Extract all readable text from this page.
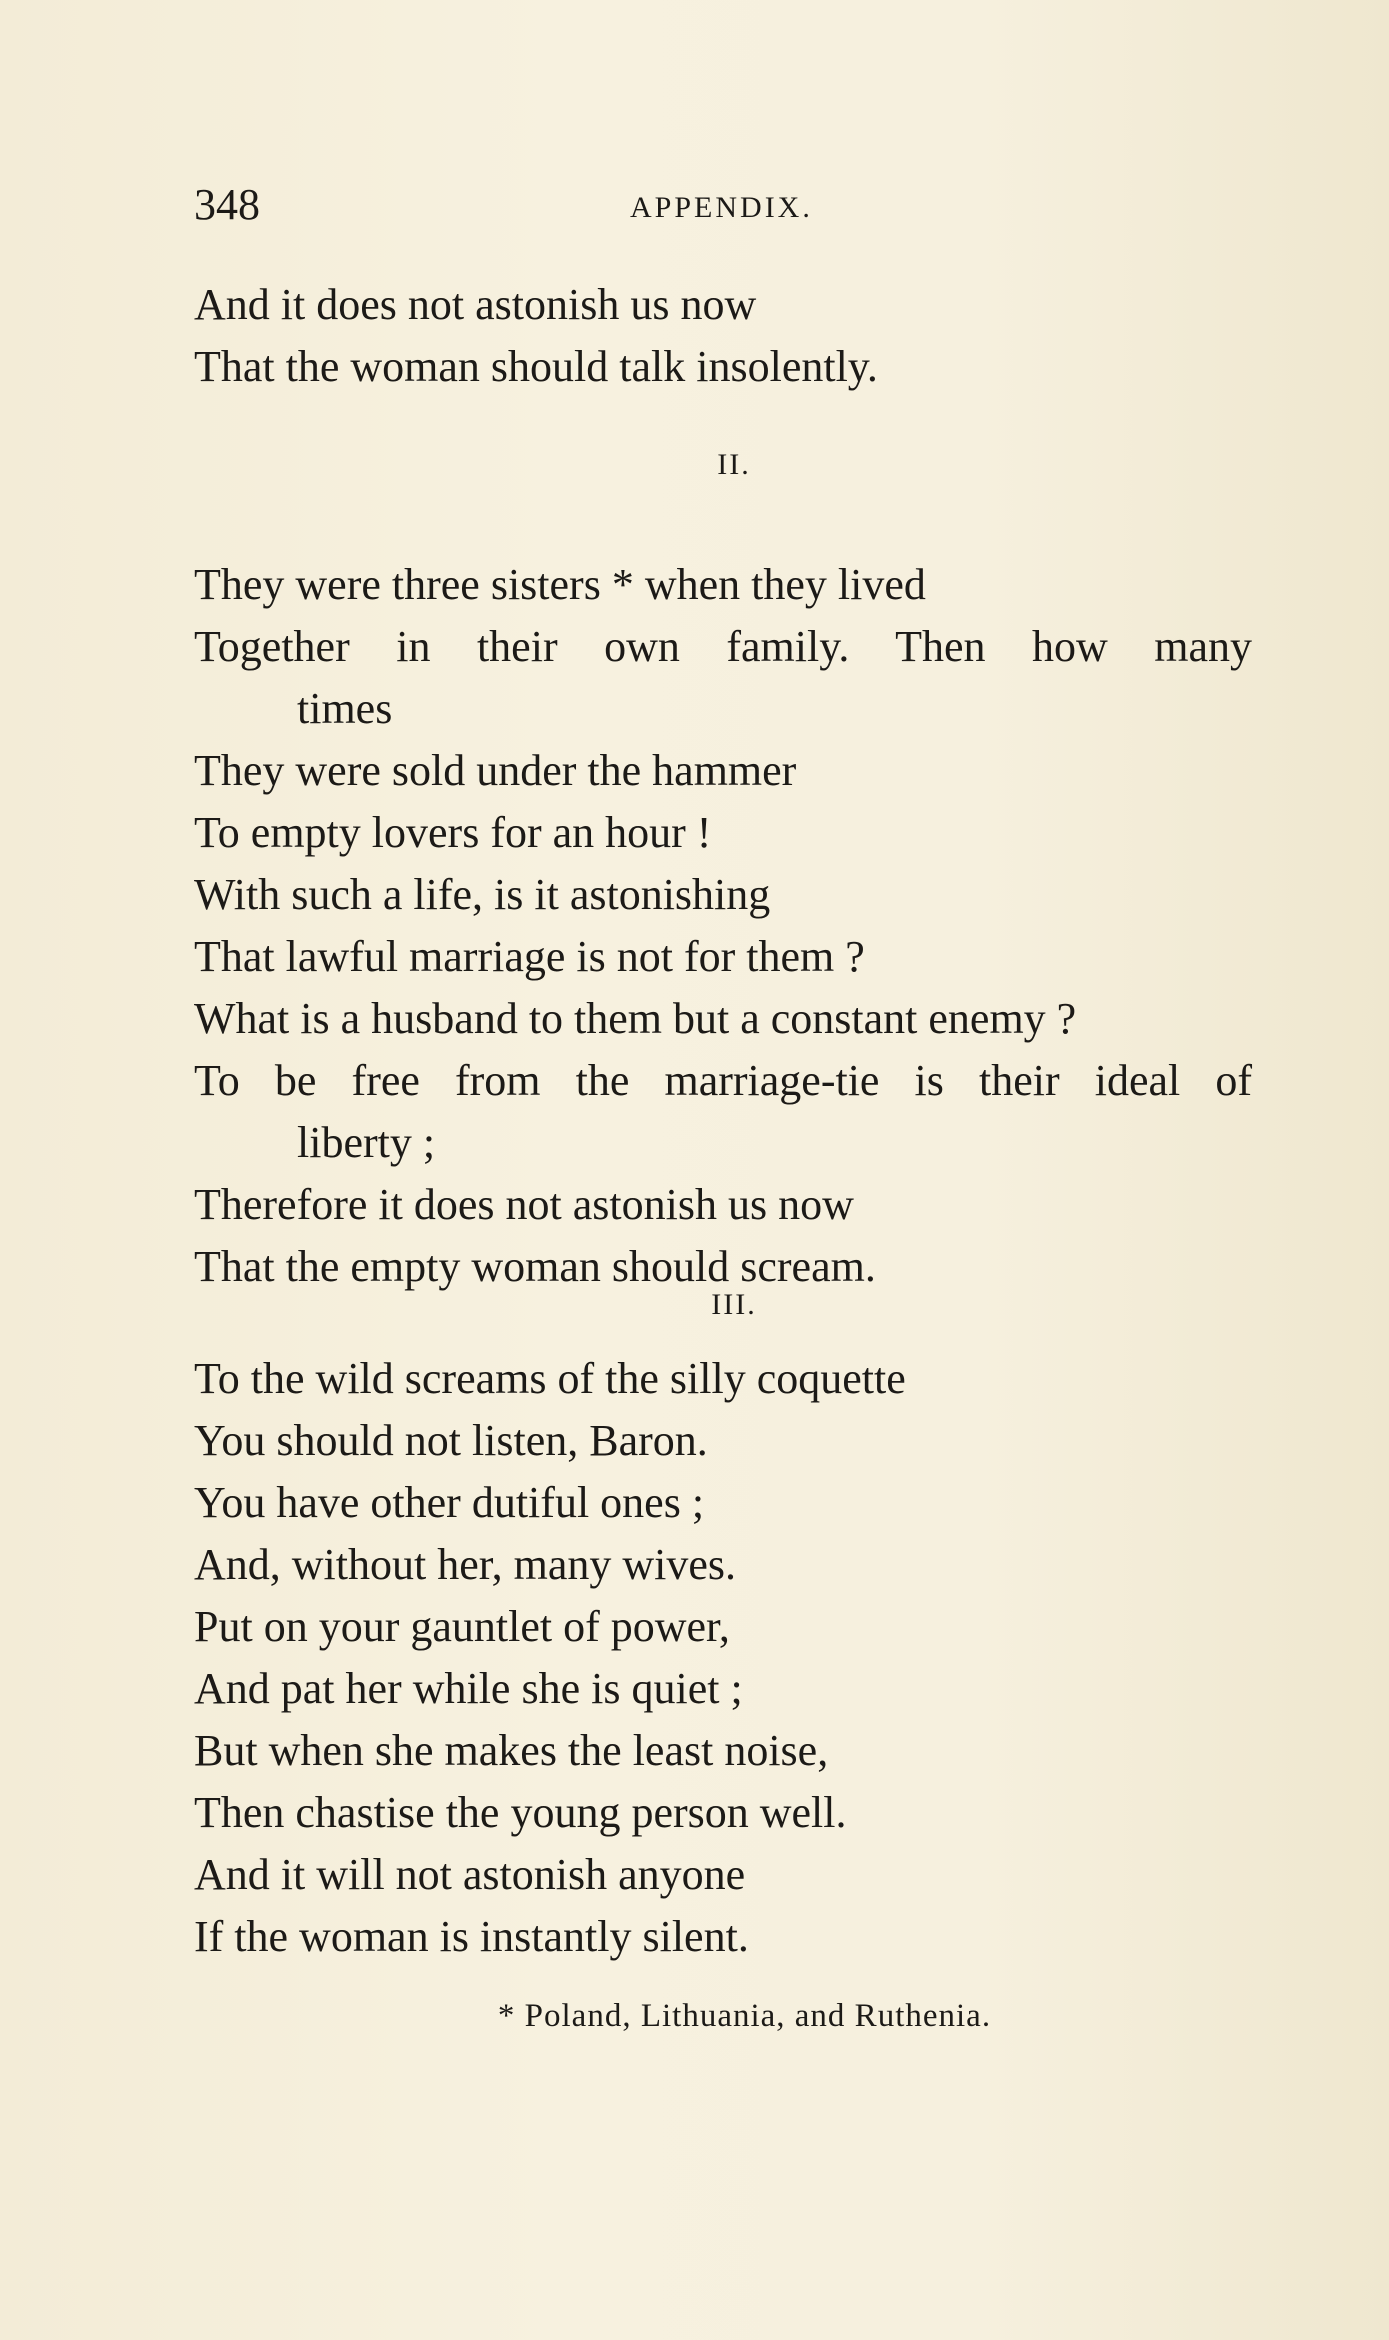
348	APPENDIX.
And it does not astonish us now
That the woman should talk insolently.
II.
They were three sisters * when they lived
Together in their own family. Then how many
times
They were sold under the hammer
To empty lovers for an hour !
With such a life, is it astonishing
That lawful marriage is not for them ?
What is a husband to them but a constant enemy ?
To be free from the marriage-tie is their ideal of
liberty ;
Therefore it does not astonish us now
That the empty woman should scream.
III.
To the wild screams of the silly coquette
You should not listen, Baron.
You have other dutiful ones ;
And, without her, many wives.
Put on your gauntlet of power,
And pat her while she is quiet ;
But when she makes the least noise,
Then chastise the young person well.
And it will not astonish anyone
If the woman is instantly silent.
* Poland, Lithuania, and Ruthenia.
